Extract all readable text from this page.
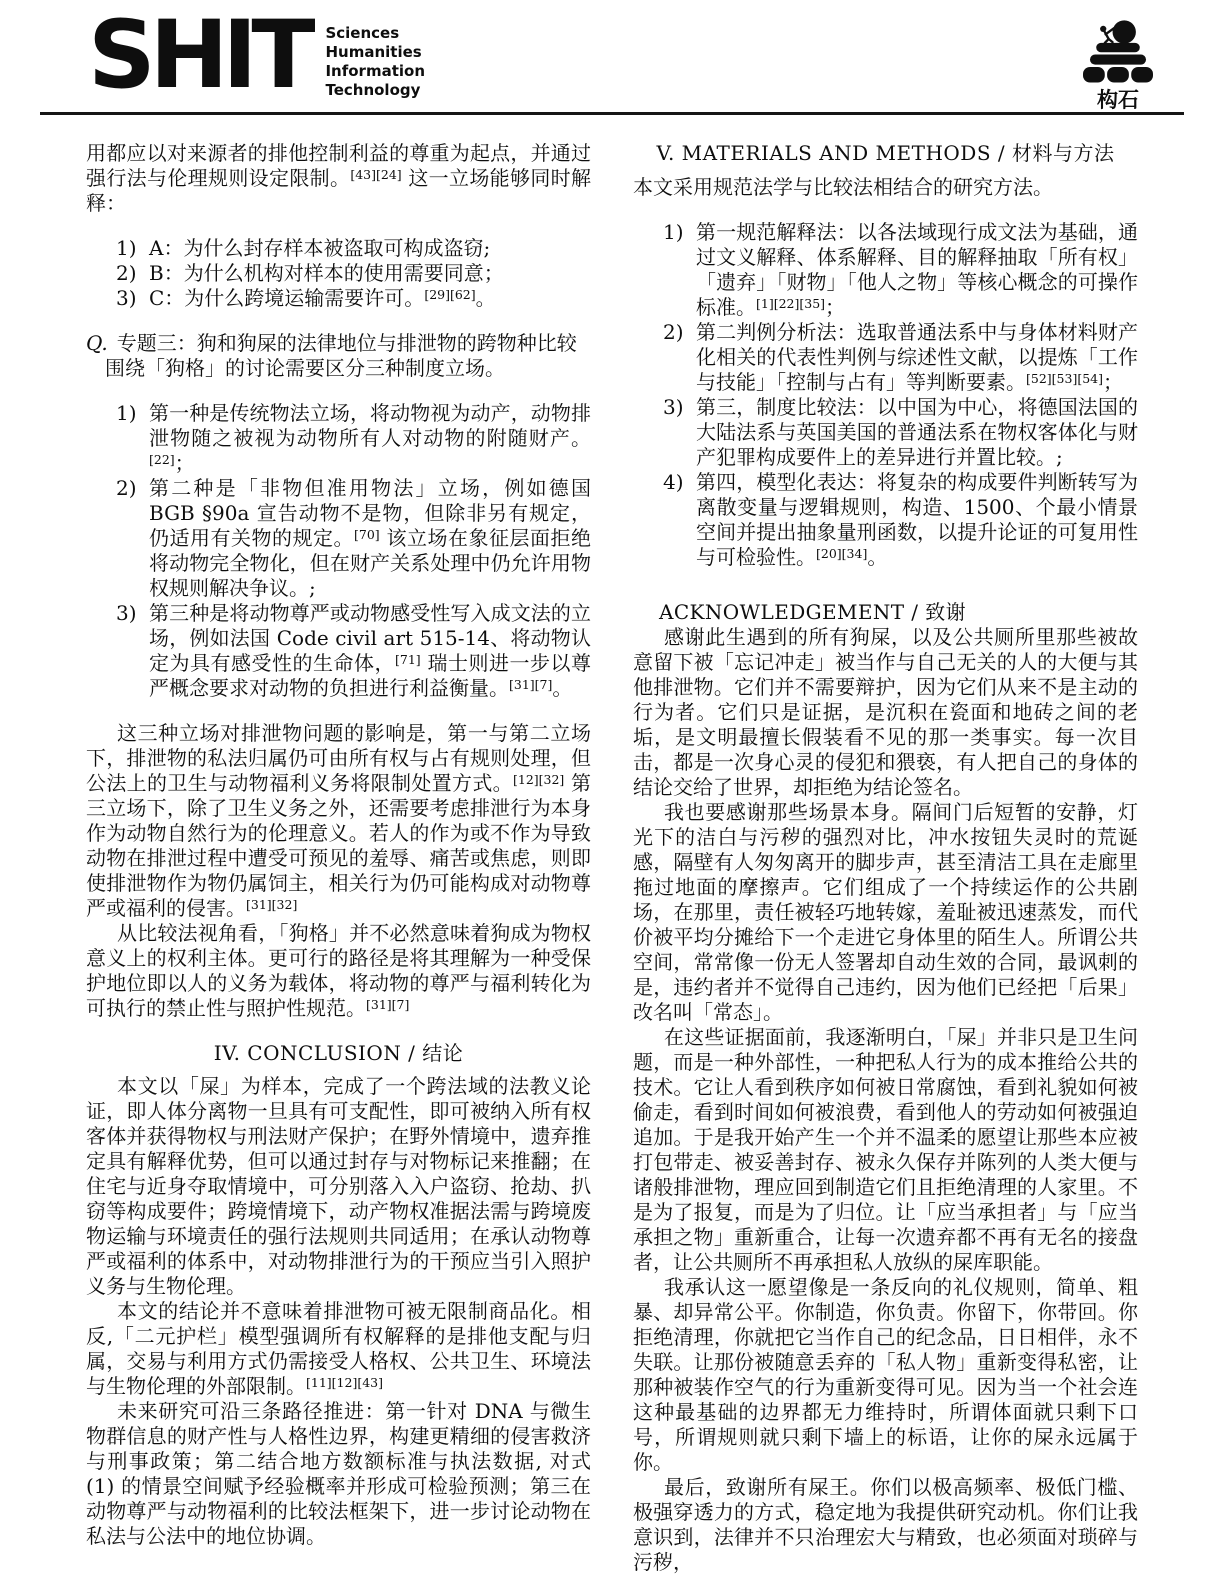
SHIT Sciences
Humanities
Information
Technology	构石

用都应以对来源者的排他控制利益的尊重为起点，并通过强行法与伦理规则设定限制。[43][24] 这一立场能够同时解释：

1) A：为什么封存样本被盗取可构成盗窃;
2) B：为什么机构对样本的使用需要同意；
3) C：为什么跨境运输需要许可。[29][62]。
Q. 专题三：狗和狗屎的法律地位与排泄物的跨物种比较
围绕「狗格」的讨论需要区分三种制度立场。
1) 第一种是传统物法立场，将动物视为动产，动物排泄物随之被视为动物所有人对动物的附随财产。[22]；
2) 第二种是「非物但准用物法」立场，例如德国 BGB §90a 宣告动物不是物，但除非另有规定，仍适用有关物的规定。[70] 该立场在象征层面拒绝将动物完全物化，但在财产关系处理中仍允许用物权规则解决争议。;
3) 第三种是将动物尊严或动物感受性写入成文法的立场，例如法国 Code civil art 515-14、将动物认定为具有感受性的生命体，[71] 瑞士则进一步以尊严概念要求对动物的负担进行利益衡量。[31][7]。

这三种立场对排泄物问题的影响是，第一与第二立场下，排泄物的私法归属仍可由所有权与占有规则处理，但公法上的卫生与动物福利义务将限制处置方式。[12][32] 第三立场下，除了卫生义务之外，还需要考虑排泄行为本身作为动物自然行为的伦理意义。若人的作为或不作为导致动物在排泄过程中遭受可预见的羞辱、痛苦或焦虑，则即使排泄物作为物仍属饲主，相关行为仍可能构成对动物尊严或福利的侵害。[31][32]

从比较法视角看，「狗格」并不必然意味着狗成为物权意义上的权利主体。更可行的路径是将其理解为一种受保护地位即以人的义务为载体，将动物的尊严与福利转化为可执行的禁止性与照护性规范。[31][7]

IV. CONCLUSION / 结论

本文以「屎」为样本，完成了一个跨法域的法教义论证，即人体分离物一旦具有可支配性，即可被纳入所有权客体并获得物权与刑法财产保护；在野外情境中，遗弃推定具有解释优势，但可以通过封存与对物标记来推翻；在住宅与近身夺取情境中，可分别落入入户盗窃、抢劫、扒窃等构成要件；跨境情境下，动产物权准据法需与跨境废物运输与环境责任的强行法规则共同适用；在承认动物尊严或福利的体系中，对动物排泄行为的干预应当引入照护义务与生物伦理。

本文的结论并不意味着排泄物可被无限制商品化。相反,「二元护栏」模型强调所有权解释的是排他支配与归属，交易与利用方式仍需接受人格权、公共卫生、环境法与生物伦理的外部限制。[11][12][43]

未来研究可沿三条路径推进：第一针对 DNA 与微生物群信息的财产性与人格性边界，构建更精细的侵害救济与刑事政策；第二结合地方数额标准与执法数据, 对式 (1) 的情景空间赋予经验概率并形成可检验预测；第三在动物尊严与动物福利的比较法框架下，进一步讨论动物在私法与公法中的地位协调。

V. MATERIALS AND METHODS / 材料与方法

本文采用规范法学与比较法相结合的研究方法。

1) 第一规范解释法：以各法域现行成文法为基础，通过文义解释、体系解释、目的解释抽取「所有权」「遗弃」「财物」「他人之物」等核心概念的可操作标准。[1][22][35]；
2) 第二判例分析法：选取普通法系中与身体材料财产化相关的代表性判例与综述性文献，以提炼「工作与技能」「控制与占有」等判断要素。[52][53][54]；
3) 第三，制度比较法：以中国为中心，将德国法国的大陆法系与英国美国的普通法系在物权客体化与财产犯罪构成要件上的差异进行并置比较。;
4) 第四，模型化表达：将复杂的构成要件判断转写为离散变量与逻辑规则，构造、1500、个最小情景空间并提出抽象量刑函数，以提升论证的可复用性与可检验性。[20][34]。
ACKNOWLEDGEMENT / 致谢

感谢此生遇到的所有狗屎，以及公共厕所里那些被故意留下被「忘记冲走」被当作与自己无关的人的大便与其他排泄物。它们并不需要辩护，因为它们从来不是主动的行为者。它们只是证据，是沉积在瓷面和地砖之间的老垢，是文明最擅长假装看不见的那一类事实。每一次目击，都是一次身心灵的侵犯和猥亵，有人把自己的身体的结论交给了世界，却拒绝为结论签名。

我也要感谢那些场景本身。隔间门后短暂的安静，灯光下的洁白与污秽的强烈对比，冲水按钮失灵时的荒诞感，隔壁有人匆匆离开的脚步声，甚至清洁工具在走廊里拖过地面的摩擦声。它们组成了一个持续运作的公共剧场，在那里，责任被轻巧地转嫁，羞耻被迅速蒸发，而代价被平均分摊给下一个走进它身体里的陌生人。所谓公共空间，常常像一份无人签署却自动生效的合同，最讽刺的是，违约者并不觉得自己违约，因为他们已经把「后果」改名叫「常态」。

在这些证据面前，我逐渐明白，「屎」并非只是卫生问题，而是一种外部性，一种把私人行为的成本推给公共的技术。它让人看到秩序如何被日常腐蚀，看到礼貌如何被偷走，看到时间如何被浪费，看到他人的劳动如何被强迫追加。于是我开始产生一个并不温柔的愿望让那些本应被打包带走、被妥善封存、被永久保存并陈列的人类大便与诸般排泄物，理应回到制造它们且拒绝清理的人家里。不是为了报复，而是为了归位。让「应当承担者」与「应当承担之物」重新重合，让每一次遗弃都不再有无名的接盘者，让公共厕所不再承担私人放纵的屎库职能。

我承认这一愿望像是一条反向的礼仪规则，简单、粗暴、却异常公平。你制造，你负责。你留下，你带回。你拒绝清理，你就把它当作自己的纪念品，日日相伴，永不失联。让那份被随意丢弃的「私人物」重新变得私密，让那种被装作空气的行为重新变得可见。因为当一个社会连这种最基础的边界都无力维持时，所谓体面就只剩下口号，所谓规则就只剩下墙上的标语，让你的屎永远属于你。

最后，致谢所有屎王。你们以极高频率、极低门槛、极强穿透力的方式，稳定地为我提供研究动机。你们让我意识到，法律并不只治理宏大与精致，也必须面对琐碎与污秽，
